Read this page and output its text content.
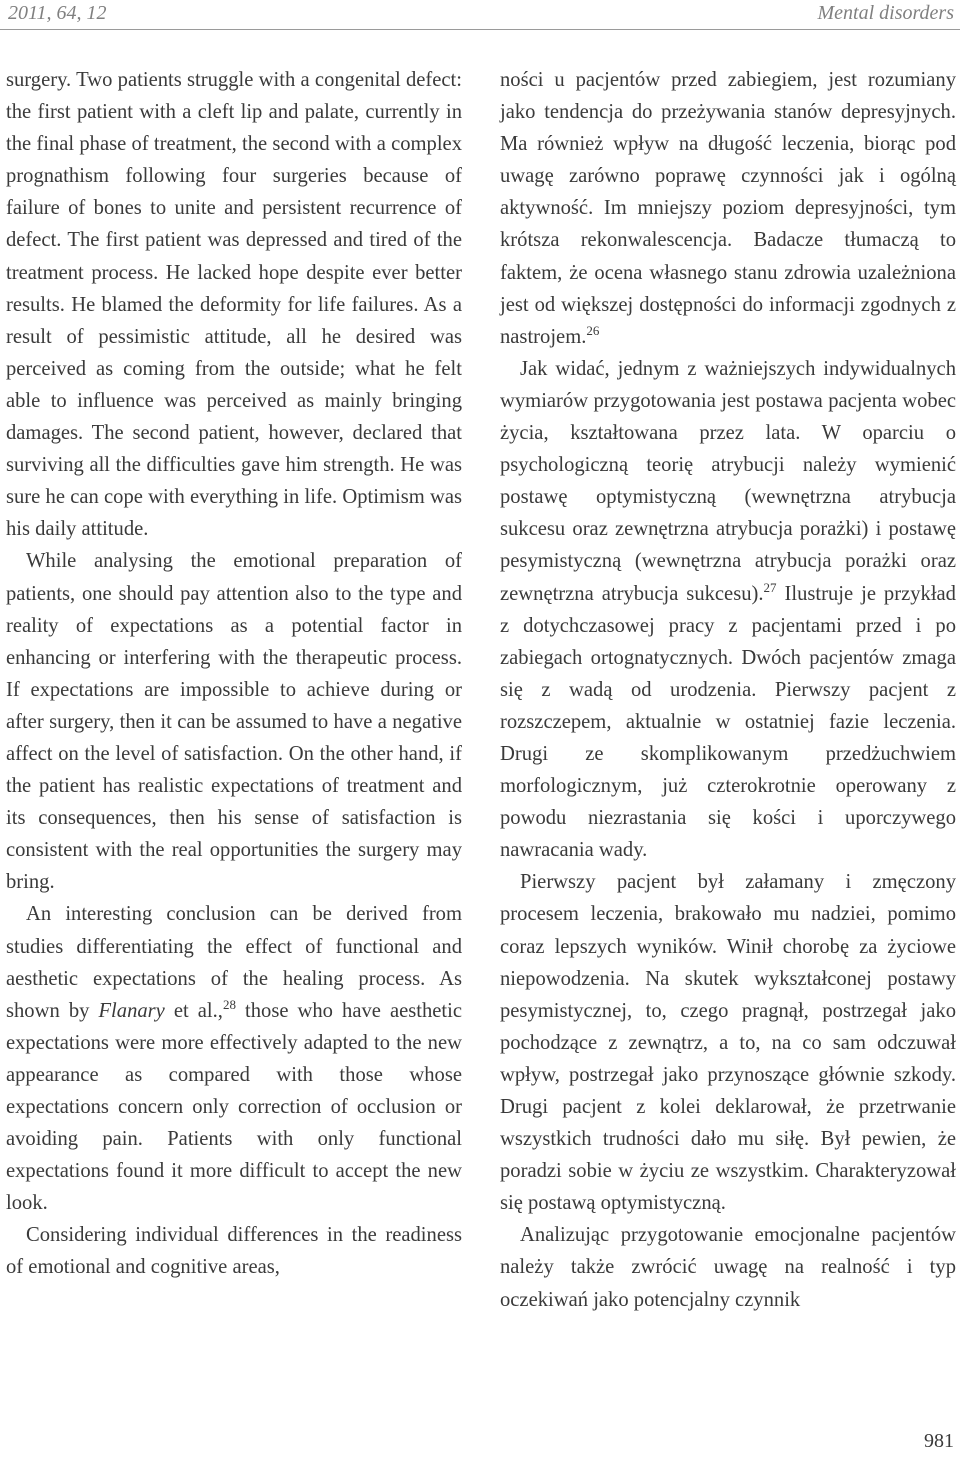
2011, 64, 12	Mental disorders

surgery. Two patients struggle with a congenital defect: the first patient with a cleft lip and palate, currently in the final phase of treatment, the second with a complex prognathism following four surgeries because of failure of bones to unite and persistent recurrence of defect. The first patient was depressed and tired of the treatment process. He lacked hope despite ever better results. He blamed the deformity for life failures. As a result of pessimistic attitude, all he desired was perceived as coming from the outside; what he felt able to influence was perceived as mainly bringing damages. The second patient, however, declared that surviving all the difficulties gave him strength. He was sure he can cope with everything in life. Optimism was his daily attitude.

While analysing the emotional preparation of patients, one should pay attention also to the type and reality of expectations as a potential factor in enhancing or interfering with the therapeutic process. If expectations are impossible to achieve during or after surgery, then it can be assumed to have a negative affect on the level of satisfaction. On the other hand, if the patient has realistic expectations of treatment and its consequences, then his sense of satisfaction is consistent with the real opportunities the surgery may bring.

An interesting conclusion can be derived from studies differentiating the effect of functional and aesthetic expectations of the healing process. As shown by Flanary et al.,$^{28}$ those who have aesthetic expectations were more effectively adapted to the new appearance as compared with those whose expectations concern only correction of occlusion or avoiding pain. Patients with only functional expectations found it more difficult to accept the new look.

Considering individual differences in the readiness of emotional and cognitive areas,

ności u pacjentów przed zabiegiem, jest rozumiany jako tendencja do przeżywania stanów depresyjnych. Ma również wpływ na długość leczenia, biorąc pod uwagę zarówno poprawę czynności jak i ogólną aktywność. Im mniejszy poziom depresyjności, tym krótsza rekonwalescencja. Badacze tłumaczą to faktem, że ocena własnego stanu zdrowia uzależniona jest od większej dostępności do informacji zgodnych z nastrojem.$^{26}$

Jak widać, jednym z ważniejszych indywidualnych wymiarów przygotowania jest postawa pacjenta wobec życia, kształtowana przez lata. W oparciu o psychologiczną teorię atrybucji należy wymienić postawę optymistyczną (wewnętrzna atrybucja sukcesu oraz zewnętrzna atrybucja porażki) i postawę pesymistyczną (wewnętrzna atrybucja porażki oraz zewnętrzna atrybucja sukcesu).$^{27}$ Ilustruje je przykład z dotychczasowej pracy z pacjentami przed i po zabiegach ortognatycznych. Dwóch pacjentów zmaga się z wadą od urodzenia. Pierwszy pacjent z rozszczepem, aktualnie w ostatniej fazie leczenia. Drugi ze skomplikowanym przedżuchwiem morfologicznym, już czterokrotnie operowany z powodu niezrastania się kości i uporczywego nawracania wady.

Pierwszy pacjent był załamany i zmęczony procesem leczenia, brakowało mu nadziei, pomimo coraz lepszych wyników. Winił chorobę za życiowe niepowodzenia. Na skutek wykształconej postawy pesymistycznej, to, czego pragnął, postrzegał jako pochodzące z zewnątrz, a to, na co sam odczuwał wpływ, postrzegał jako przynoszące głównie szkody. Drugi pacjent z kolei deklarował, że przetrwanie wszystkich trudności dało mu siłę. Był pewien, że poradzi sobie w życiu ze wszystkim. Charakteryzował się postawą optymistyczną.

Analizując przygotowanie emocjonalne pacjentów należy także zwrócić uwagę na realność i typ oczekiwań jako potencjalny czynnik

981
